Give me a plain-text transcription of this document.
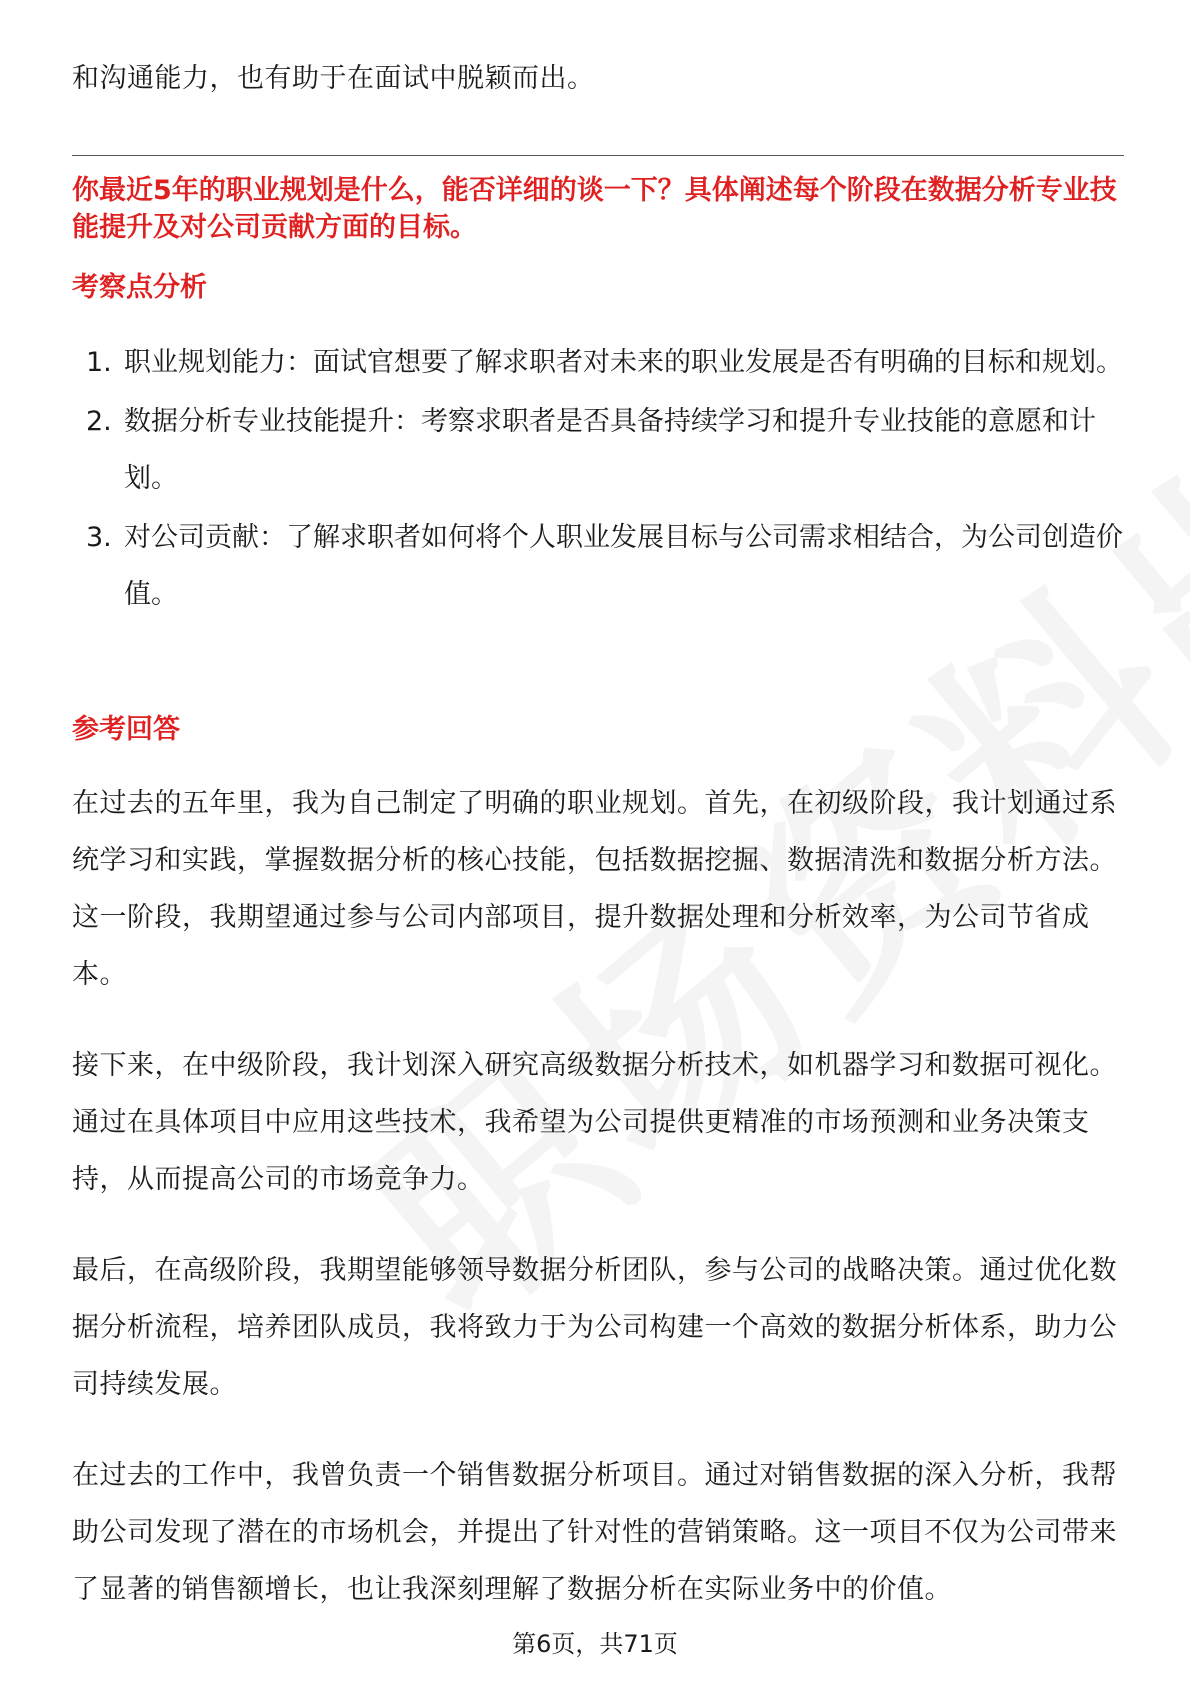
和沟通能力，也有助于在面试中脱颖而出。

你最近5年的职业规划是什么，能否详细的谈一下？具体阐述每个阶段在数据分析专业技能提升及对公司贡献方面的目标。

考察点分析

1. 职业规划能力：面试官想要了解求职者对未来的职业发展是否有明确的目标和规划。
2. 数据分析专业技能提升：考察求职者是否具备持续学习和提升专业技能的意愿和计划。
3. 对公司贡献：了解求职者如何将个人职业发展目标与公司需求相结合，为公司创造价值。

参考回答

在过去的五年里，我为自己制定了明确的职业规划。首先，在初级阶段，我计划通过系统学习和实践，掌握数据分析的核心技能，包括数据挖掘、数据清洗和数据分析方法。这一阶段，我期望通过参与公司内部项目，提升数据处理和分析效率，为公司节省成本。

接下来，在中级阶段，我计划深入研究高级数据分析技术，如机器学习和数据可视化。通过在具体项目中应用这些技术，我希望为公司提供更精准的市场预测和业务决策支持，从而提高公司的市场竞争力。

最后，在高级阶段，我期望能够领导数据分析团队，参与公司的战略决策。通过优化数据分析流程，培养团队成员，我将致力于为公司构建一个高效的数据分析体系，助力公司持续发展。

在过去的工作中，我曾负责一个销售数据分析项目。通过对销售数据的深入分析，我帮助公司发现了潜在的市场机会，并提出了针对性的营销策略。这一项目不仅为公司带来了显著的销售额增长，也让我深刻理解了数据分析在实际业务中的价值。

第6页，共71页
